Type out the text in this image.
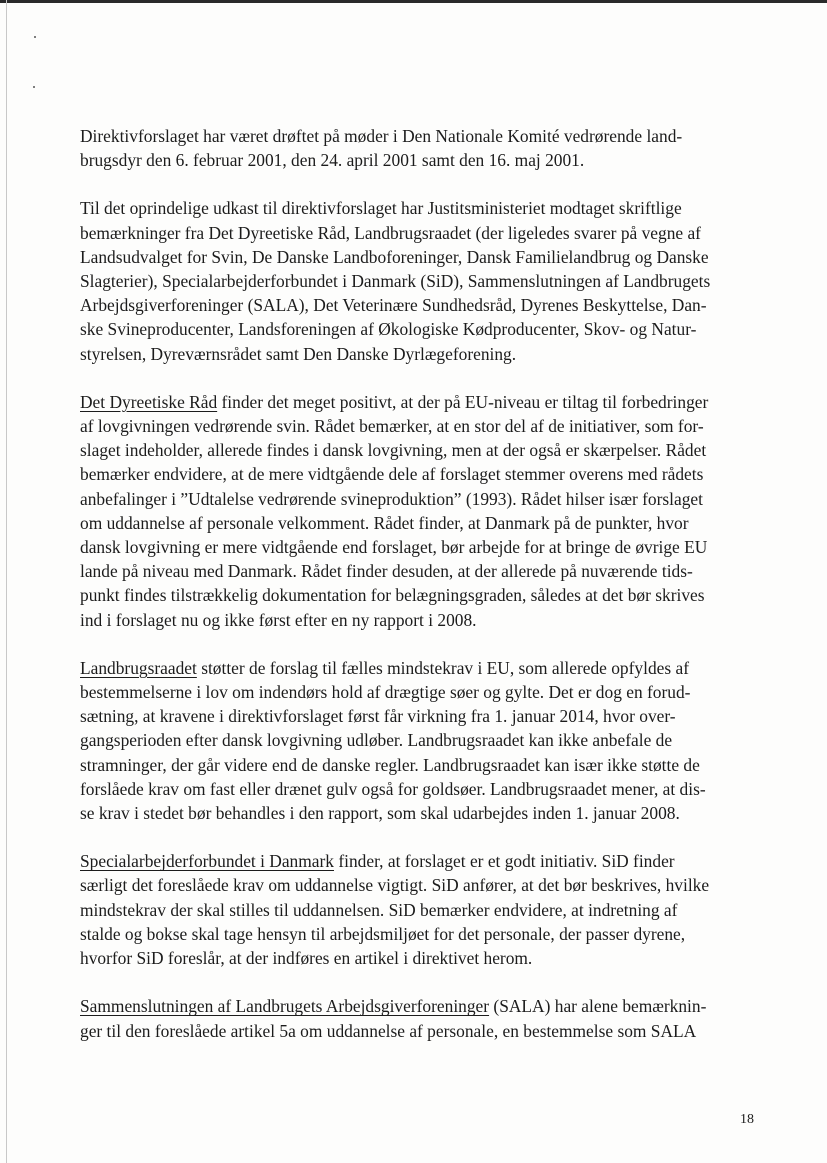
Direktivforslaget har været drøftet på møder i Den Nationale Komité vedrørende land-
brugsdyr den 6. februar 2001, den 24. april 2001 samt den 16. maj 2001.

Til det oprindelige udkast til direktivforslaget har Justitsministeriet modtaget skriftlige
bemærkninger fra Det Dyreetiske Råd, Landbrugsraadet (der ligeledes svarer på vegne af
Landsudvalget for Svin, De Danske Landboforeninger, Dansk Familielandbrug og Danske
Slagterier), Specialarbejderforbundet i Danmark (SiD), Sammenslutningen af Landbrugets
Arbejdsgiverforeninger (SALA), Det Veterinære Sundhedsråd, Dyrenes Beskyttelse, Dan-
ske Svineproducenter, Landsforeningen af Økologiske Kødproducenter, Skov- og Natur-
styrelsen, Dyreværnsrådet samt Den Danske Dyrlægeforening.

Det Dyreetiske Råd finder det meget positivt, at der på EU-niveau er tiltag til forbedringer
af lovgivningen vedrørende svin. Rådet bemærker, at en stor del af de initiativer, som for-
slaget indeholder, allerede findes i dansk lovgivning, men at der også er skærpelser. Rådet
bemærker endvidere, at de mere vidtgående dele af forslaget stemmer overens med rådets
anbefalinger i ”Udtalelse vedrørende svineproduktion” (1993). Rådet hilser især forslaget
om uddannelse af personale velkomment. Rådet finder, at Danmark på de punkter, hvor
dansk lovgivning er mere vidtgående end forslaget, bør arbejde for at bringe de øvrige EU
lande på niveau med Danmark. Rådet finder desuden, at der allerede på nuværende tids-
punkt findes tilstrækkelig dokumentation for belægningsgraden, således at det bør skrives
ind i forslaget nu og ikke først efter en ny rapport i 2008.

Landbrugsraadet støtter de forslag til fælles mindstekrav i EU, som allerede opfyldes af
bestemmelserne i lov om indendørs hold af drægtige søer og gylte. Det er dog en forud-
sætning, at kravene i direktivforslaget først får virkning fra 1. januar 2014, hvor over-
gangsperioden efter dansk lovgivning udløber. Landbrugsraadet kan ikke anbefale de
stramninger, der går videre end de danske regler. Landbrugsraadet kan især ikke støtte de
forslåede krav om fast eller drænet gulv også for goldsøer. Landbrugsraadet mener, at dis-
se krav i stedet bør behandles i den rapport, som skal udarbejdes inden 1. januar 2008.

Specialarbejderforbundet i Danmark finder, at forslaget er et godt initiativ. SiD finder
særligt det foreslåede krav om uddannelse vigtigt. SiD anfører, at det bør beskrives, hvilke
mindstekrav der skal stilles til uddannelsen. SiD bemærker endvidere, at indretning af
stalde og bokse skal tage hensyn til arbejdsmiljøet for det personale, der passer dyrene,
hvorfor SiD foreslår, at der indføres en artikel i direktivet herom.

Sammenslutningen af Landbrugets Arbejdsgiverforeninger (SALA) har alene bemærknin-
ger til den foreslåede artikel 5a om uddannelse af personale, en bestemmelse som SALA

18
